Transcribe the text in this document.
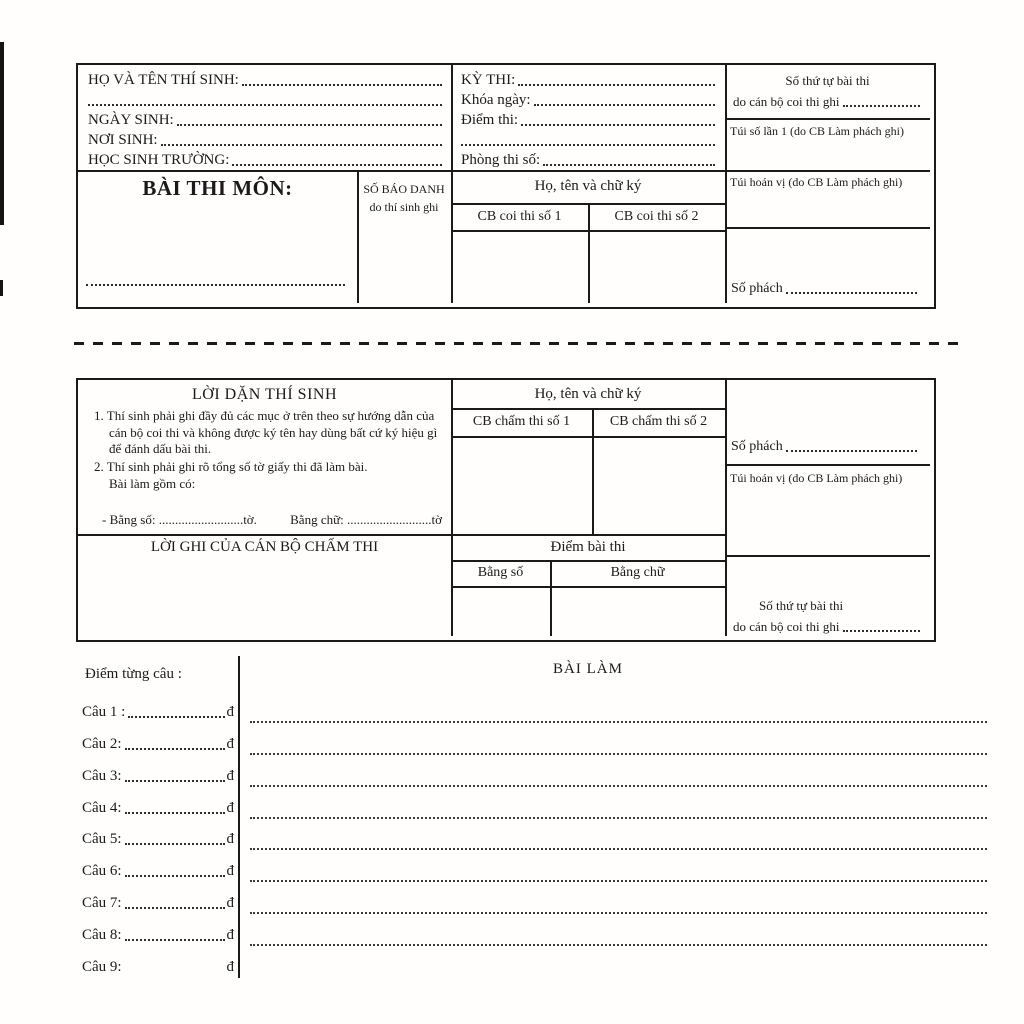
HỌ VÀ TÊN THÍ SINH:
NGÀY SINH:
NƠI SINH:
HỌC SINH TRƯỜNG:
KỲ THI:
Khóa ngày:
Điểm thi:
Phòng thi số:
Số thứ tự bài thi
do cán bộ coi thi ghi
Túi số lần 1 (do CB Làm phách ghi)
BÀI THI MÔN:	SỐ BÁO DANH
do thí sinh ghi
Họ, tên và chữ ký
CB coi thi số 1	CB coi thi số 2
Túi hoán vị (do CB Làm phách ghi)
Số phách
LỜI DẶN THÍ SINH

1. Thí sinh phải ghi đầy đủ các mục ở trên theo sự hướng dẫn của cán bộ coi thi và không được ký tên hay dùng bất cứ ký hiệu gì để đánh dấu bài thi.

2. Thí sinh phải ghi rõ tổng số tờ giấy thi đã làm bài.

Bài làm gồm có:

- Bằng số: ..........................tờ.	Bằng chữ: ..........................tờ
LỜI GHI CỦA CÁN BỘ CHẤM THI
Họ, tên và chữ ký
CB chấm thi số 1	CB chấm thi số 2
Điểm bài thi
Bằng số	Bằng chữ
Số phách
Túi hoán vị (do CB Làm phách ghi)
Số thứ tự bài thi
do cán bộ coi thi ghi
Điểm từng câu :	BÀI LÀM
Câu 1 :	đ
Câu 2:	đ
Câu 3:	đ
Câu 4:	đ
Câu 5:	đ
Câu 6:	đ
Câu 7:	đ
Câu 8:	đ
Câu 9:	đ
